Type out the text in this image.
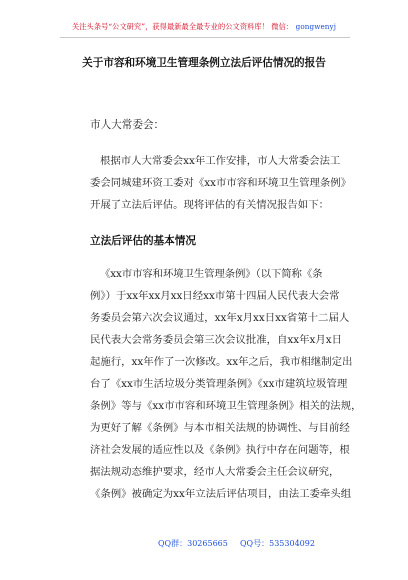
关注头条号“公文研究”，获得最新最全最专业的公文资料库！ 微信： gongwenyj
关于市容和环境卫生管理条例立法后评估情况的报告
市人大常委会：
根据市人大常委会xx年工作安排，市人大常委会法工
委会同城建环资工委对《xx市市容和环境卫生管理条例》
开展了立法后评估。现将评估的有关情况报告如下：
立法后评估的基本情况
《xx市市容和环境卫生管理条例》（以下简称《条
例》）于xx年xx月xx日经xx市第十四届人民代表大会常
务委员会第六次会议通过，xx年x月xx日xx省第十二届人
民代表大会常务委员会第三次会议批准，自xx年x月x日
起施行，xx年作了一次修改。xx年之后，我市相继制定出
台了《xx市生活垃圾分类管理条例》《xx市建筑垃圾管理
条例》等与《xx市市容和环境卫生管理条例》相关的法规，
为更好了解《条例》与本市相关法规的协调性、与目前经
济社会发展的适应性以及《条例》执行中存在问题等，根
据法规动态维护要求，经市人大常委会主任会议研究，
《条例》被确定为xx年立法后评估项目，由法工委牵头组
QQ群：30265665 QQ号：535304092
